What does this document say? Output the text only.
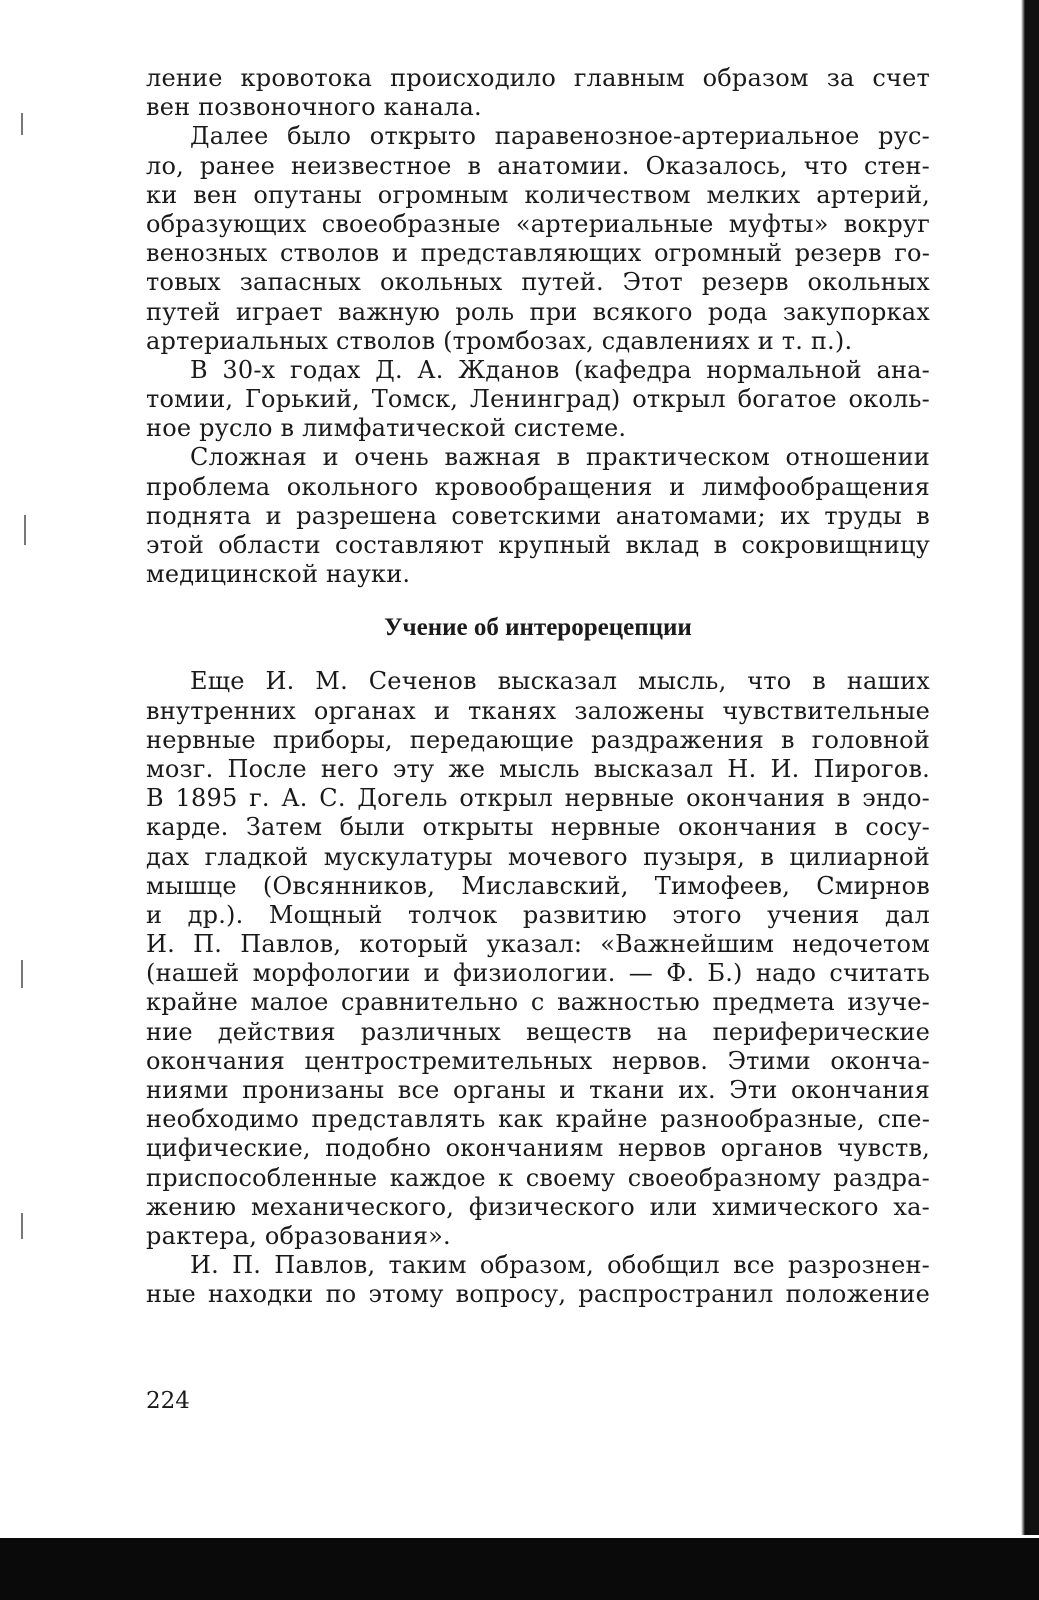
ление кровотока происходило главным образом за счет
вен позвоночного канала.
Далее было открыто паравенозное-артериальное рус-
ло, ранее неизвестное в анатомии. Оказалось, что стен-
ки вен опутаны огромным количеством мелких артерий,
образующих своеобразные «артериальные муфты» вокруг
венозных стволов и представляющих огромный резерв го-
товых запасных окольных путей. Этот резерв окольных
путей играет важную роль при всякого рода закупорках
артериальных стволов (тромбозах, сдавлениях и т. п.).
В 30-х годах Д. А. Жданов (кафедра нормальной ана-
томии, Горький, Томск, Ленинград) открыл богатое околь-
ное русло в лимфатической системе.
Сложная и очень важная в практическом отношении
проблема окольного кровообращения и лимфообращения
поднята и разрешена советскими анатомами; их труды в
этой области составляют крупный вклад в сокровищницу
медицинской науки.
Учение об интерорецепции
Еще И. М. Сеченов высказал мысль, что в наших
внутренних органах и тканях заложены чувствительные
нервные приборы, передающие раздражения в головной
мозг. После него эту же мысль высказал Н. И. Пирогов.
В 1895 г. А. С. Догель открыл нервные окончания в эндо-
карде. Затем были открыты нервные окончания в сосу-
дах гладкой мускулатуры мочевого пузыря, в цилиарной
мышце (Овсянников, Миславский, Тимофеев, Смирнов
и др.). Мощный толчок развитию этого учения дал
И. П. Павлов, который указал: «Важнейшим недочетом
(нашей морфологии и физиологии. — Ф. Б.) надо считать
крайне малое сравнительно с важностью предмета изуче-
ние действия различных веществ на периферические
окончания центростремительных нервов. Этими оконча-
ниями пронизаны все органы и ткани их. Эти окончания
необходимо представлять как крайне разнообразные, спе-
цифические, подобно окончаниям нервов органов чувств,
приспособленные каждое к своему своеобразному раздра-
жению механического, физического или химического ха-
рактера, образования».
И. П. Павлов, таким образом, обобщил все разрознен-
ные находки по этому вопросу, распространил положение
224
